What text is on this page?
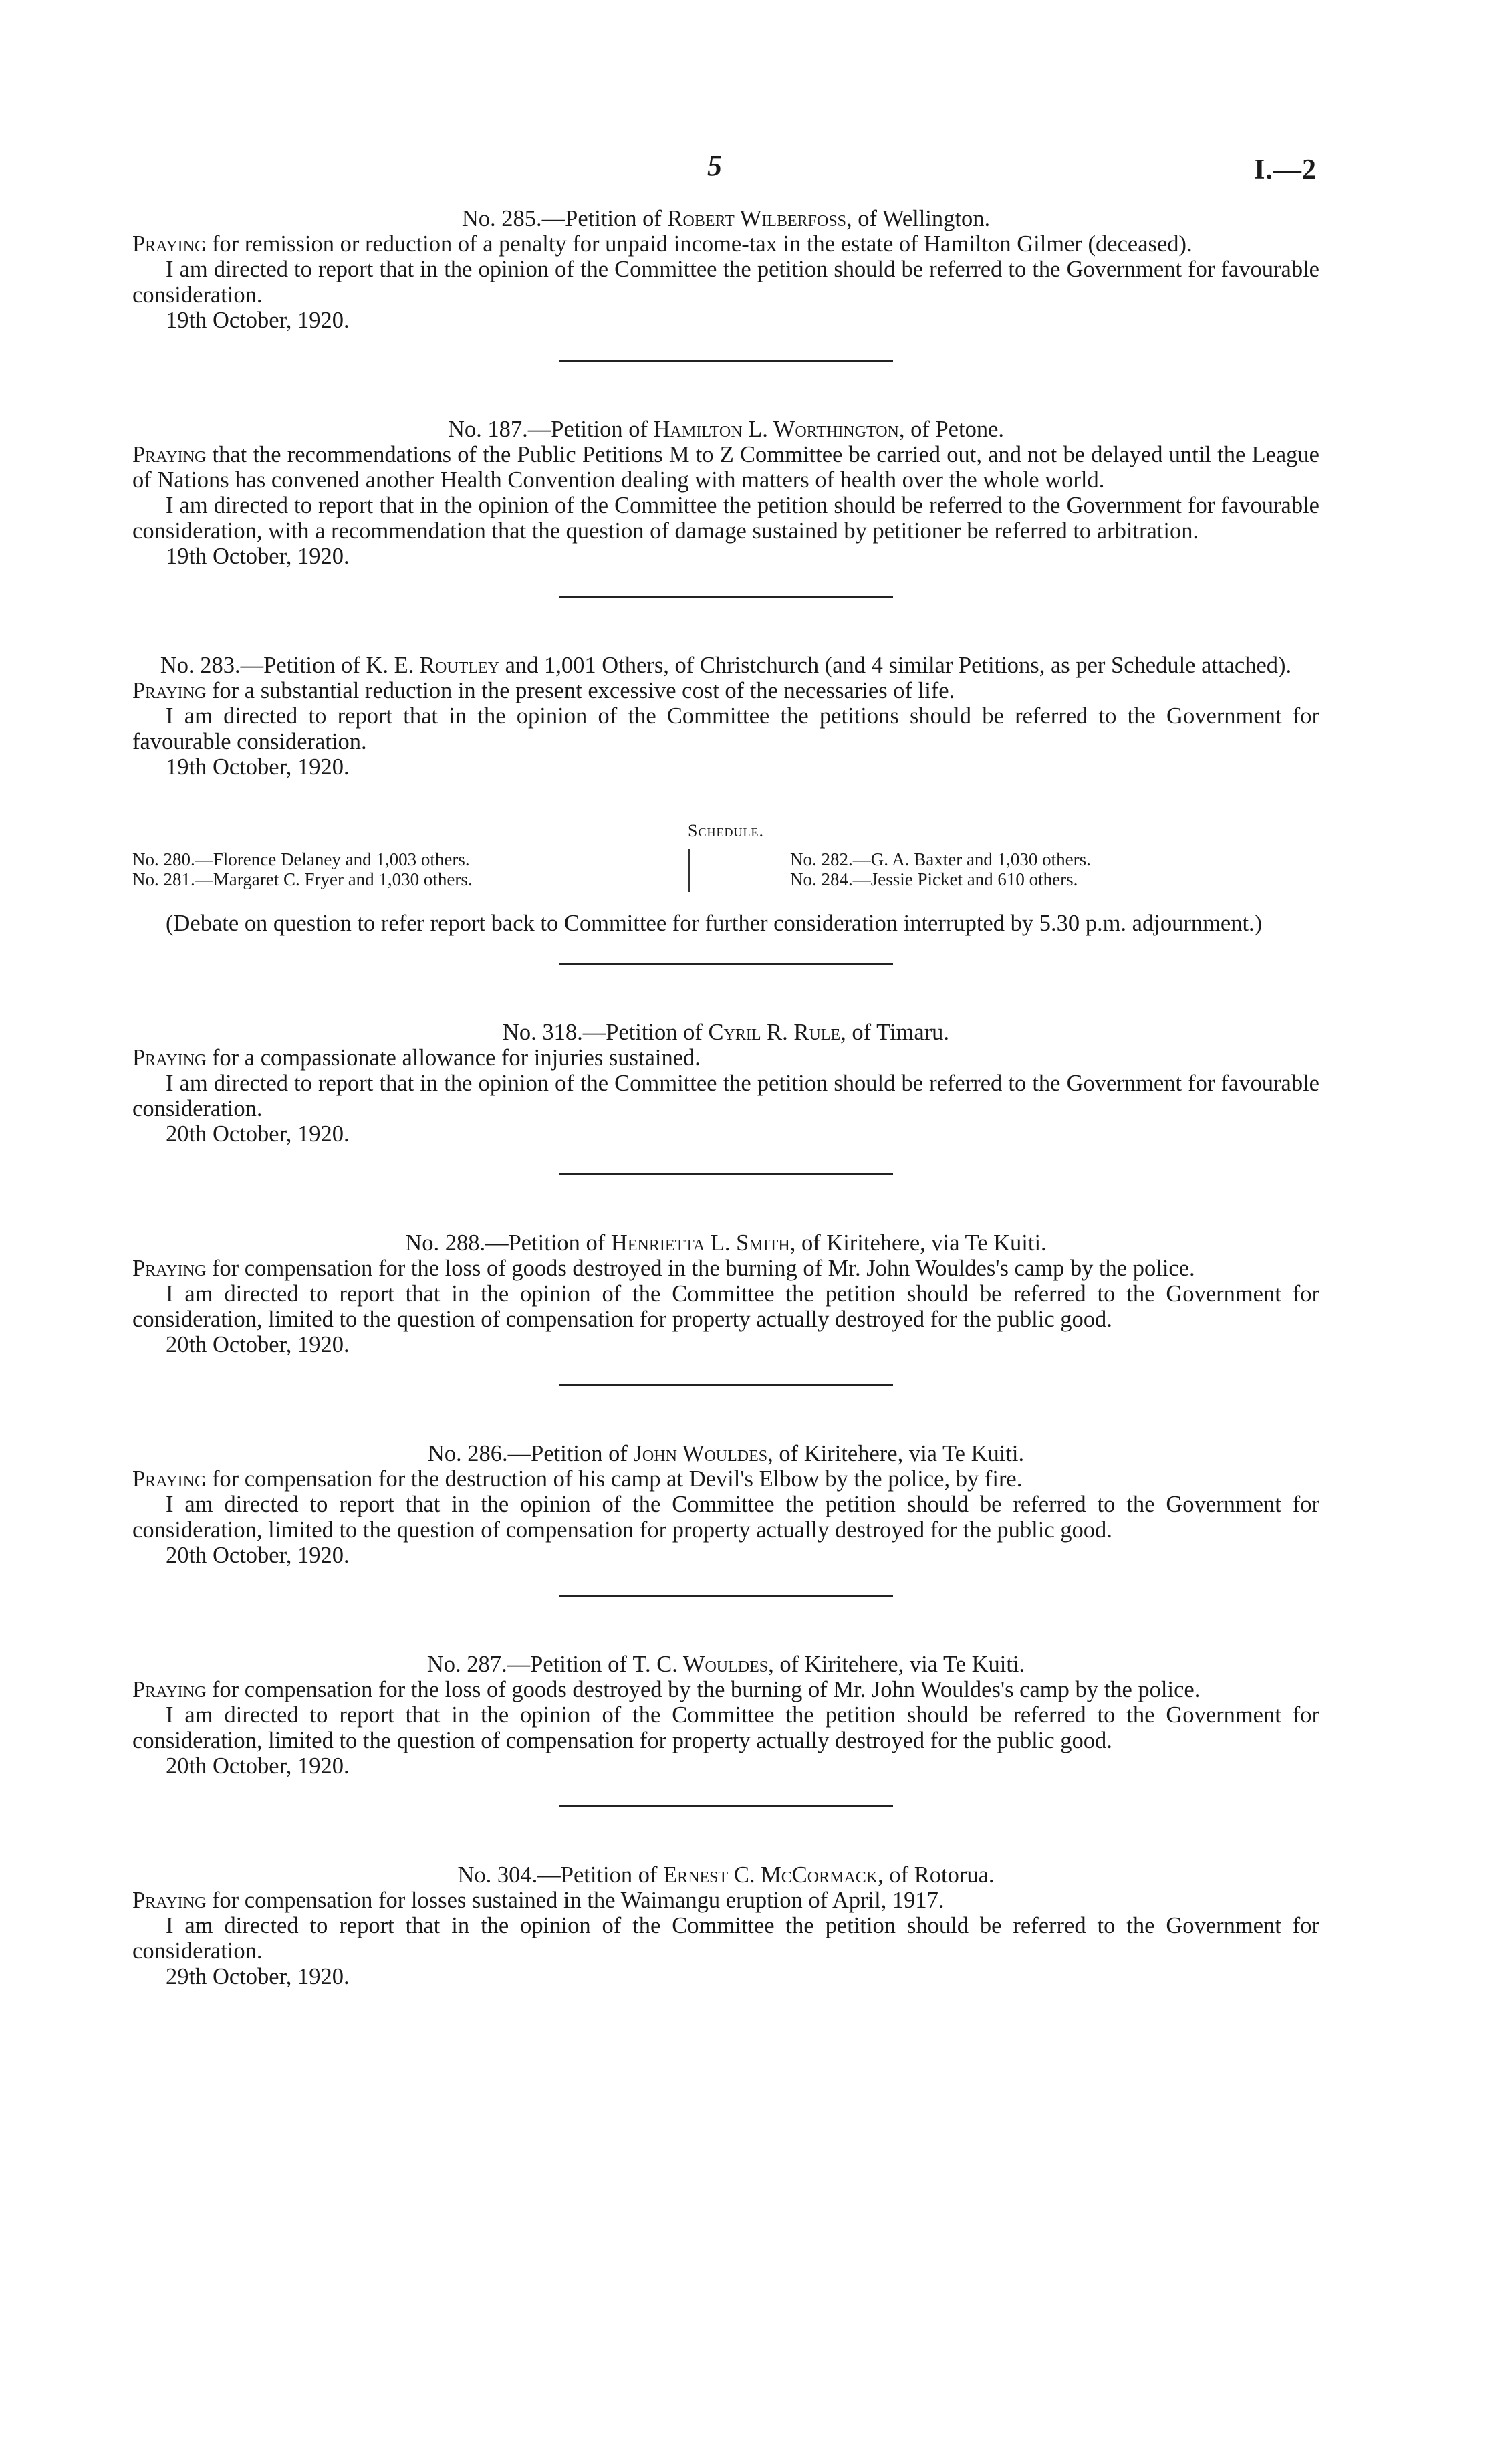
5	I.—2

No. 285.—Petition of Robert Wilberfoss, of Wellington.

Praying for remission or reduction of a penalty for unpaid income-tax in the estate of Hamilton Gilmer (deceased).

I am directed to report that in the opinion of the Committee the petition should be referred to the Government for favourable consideration.

19th October, 1920.

No. 187.—Petition of Hamilton L. Worthington, of Petone.

Praying that the recommendations of the Public Petitions M to Z Committee be carried out, and not be delayed until the League of Nations has convened another Health Convention dealing with matters of health over the whole world.

I am directed to report that in the opinion of the Committee the petition should be referred to the Government for favourable consideration, with a recommendation that the question of damage sustained by petitioner be referred to arbitration.

19th October, 1920.

No. 283.—Petition of K. E. Routley and 1,001 Others, of Christchurch (and 4 similar Petitions, as per Schedule attached).

Praying for a substantial reduction in the present excessive cost of the necessaries of life.

I am directed to report that in the opinion of the Committee the petitions should be referred to the Government for favourable consideration.

19th October, 1920.

Schedule.

No. 280.—Florence Delaney and 1,003 others.
No. 281.—Margaret C. Fryer and 1,030 others.
No. 282.—G. A. Baxter and 1,030 others.
No. 284.—Jessie Picket and 610 others.

(Debate on question to refer report back to Committee for further consideration interrupted by 5.30 p.m. adjournment.)

No. 318.—Petition of Cyril R. Rule, of Timaru.

Praying for a compassionate allowance for injuries sustained.

I am directed to report that in the opinion of the Committee the petition should be referred to the Government for favourable consideration.

20th October, 1920.

No. 288.—Petition of Henrietta L. Smith, of Kiritehere, via Te Kuiti.

Praying for compensation for the loss of goods destroyed in the burning of Mr. John Wouldes's camp by the police.

I am directed to report that in the opinion of the Committee the petition should be referred to the Government for consideration, limited to the question of compensation for property actually destroyed for the public good.

20th October, 1920.

No. 286.—Petition of John Wouldes, of Kiritehere, via Te Kuiti.

Praying for compensation for the destruction of his camp at Devil's Elbow by the police, by fire.

I am directed to report that in the opinion of the Committee the petition should be referred to the Government for consideration, limited to the question of compensation for property actually destroyed for the public good.

20th October, 1920.

No. 287.—Petition of T. C. Wouldes, of Kiritehere, via Te Kuiti.

Praying for compensation for the loss of goods destroyed by the burning of Mr. John Wouldes's camp by the police.

I am directed to report that in the opinion of the Committee the petition should be referred to the Government for consideration, limited to the question of compensation for property actually destroyed for the public good.

20th October, 1920.

No. 304.—Petition of Ernest C. McCormack, of Rotorua.

Praying for compensation for losses sustained in the Waimangu eruption of April, 1917.

I am directed to report that in the opinion of the Committee the petition should be referred to the Government for consideration.

29th October, 1920.
